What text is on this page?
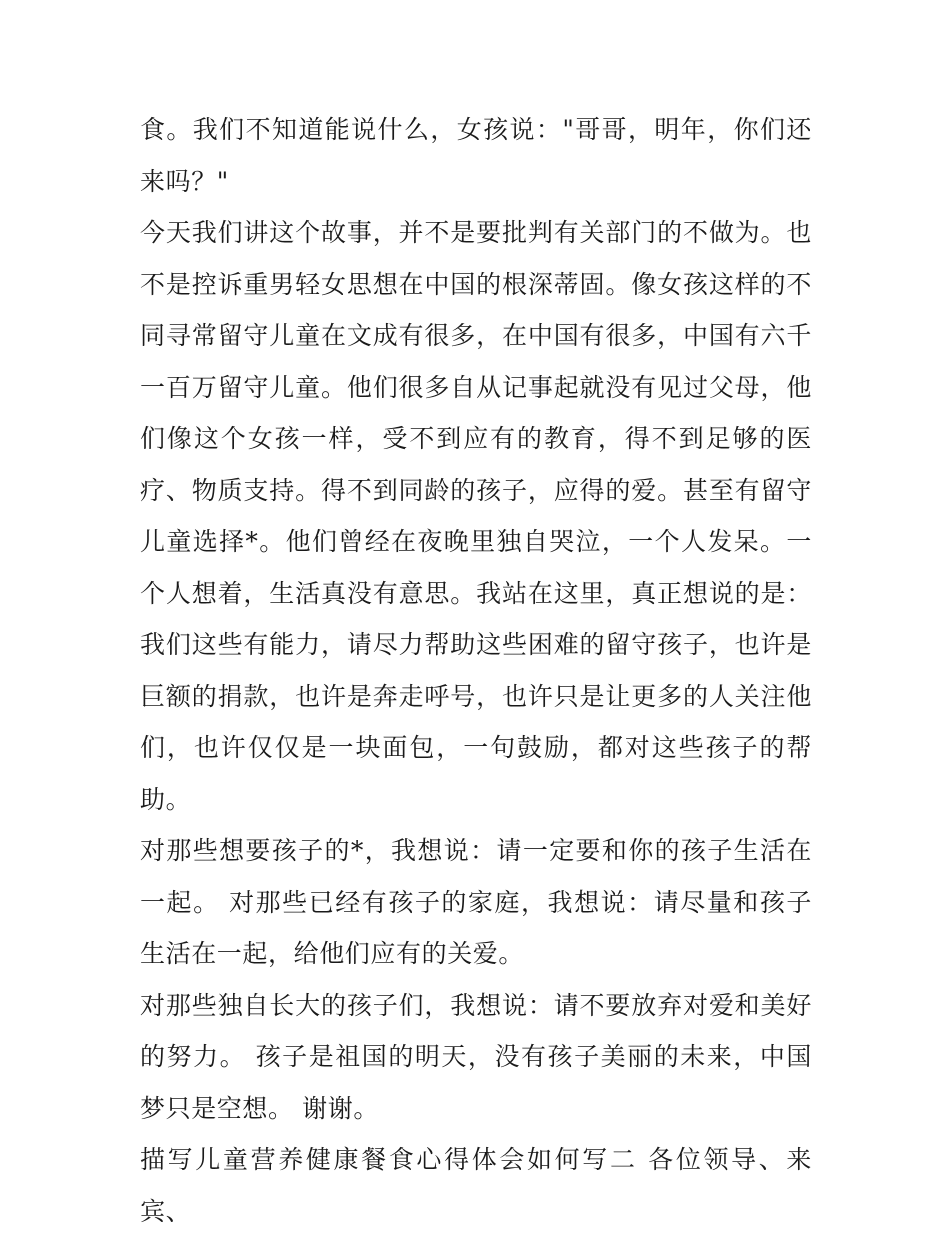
食。我们不知道能说什么，女孩说："哥哥，明年，你们还来吗？"

今天我们讲这个故事，并不是要批判有关部门的不做为。也不是控诉重男轻女思想在中国的根深蒂固。像女孩这样的不同寻常留守儿童在文成有很多，在中国有很多，中国有六千一百万留守儿童。他们很多自从记事起就没有见过父母，他们像这个女孩一样，受不到应有的教育，得不到足够的医疗、物质支持。得不到同龄的孩子，应得的爱。甚至有留守儿童选择*。他们曾经在夜晚里独自哭泣，一个人发呆。一个人想着，生活真没有意思。我站在这里，真正想说的是：我们这些有能力，请尽力帮助这些困难的留守孩子，也许是巨额的捐款，也许是奔走呼号，也许只是让更多的人关注他们，也许仅仅是一块面包，一句鼓励，都对这些孩子的帮助。

对那些想要孩子的*，我想说：请一定要和你的孩子生活在一起。 对那些已经有孩子的家庭，我想说：请尽量和孩子生活在一起，给他们应有的关爱。

对那些独自长大的孩子们，我想说：请不要放弃对爱和美好的努力。 孩子是祖国的明天，没有孩子美丽的未来，中国梦只是空想。 谢谢。

描写儿童营养健康餐食心得体会如何写二 各位领导、来宾、
